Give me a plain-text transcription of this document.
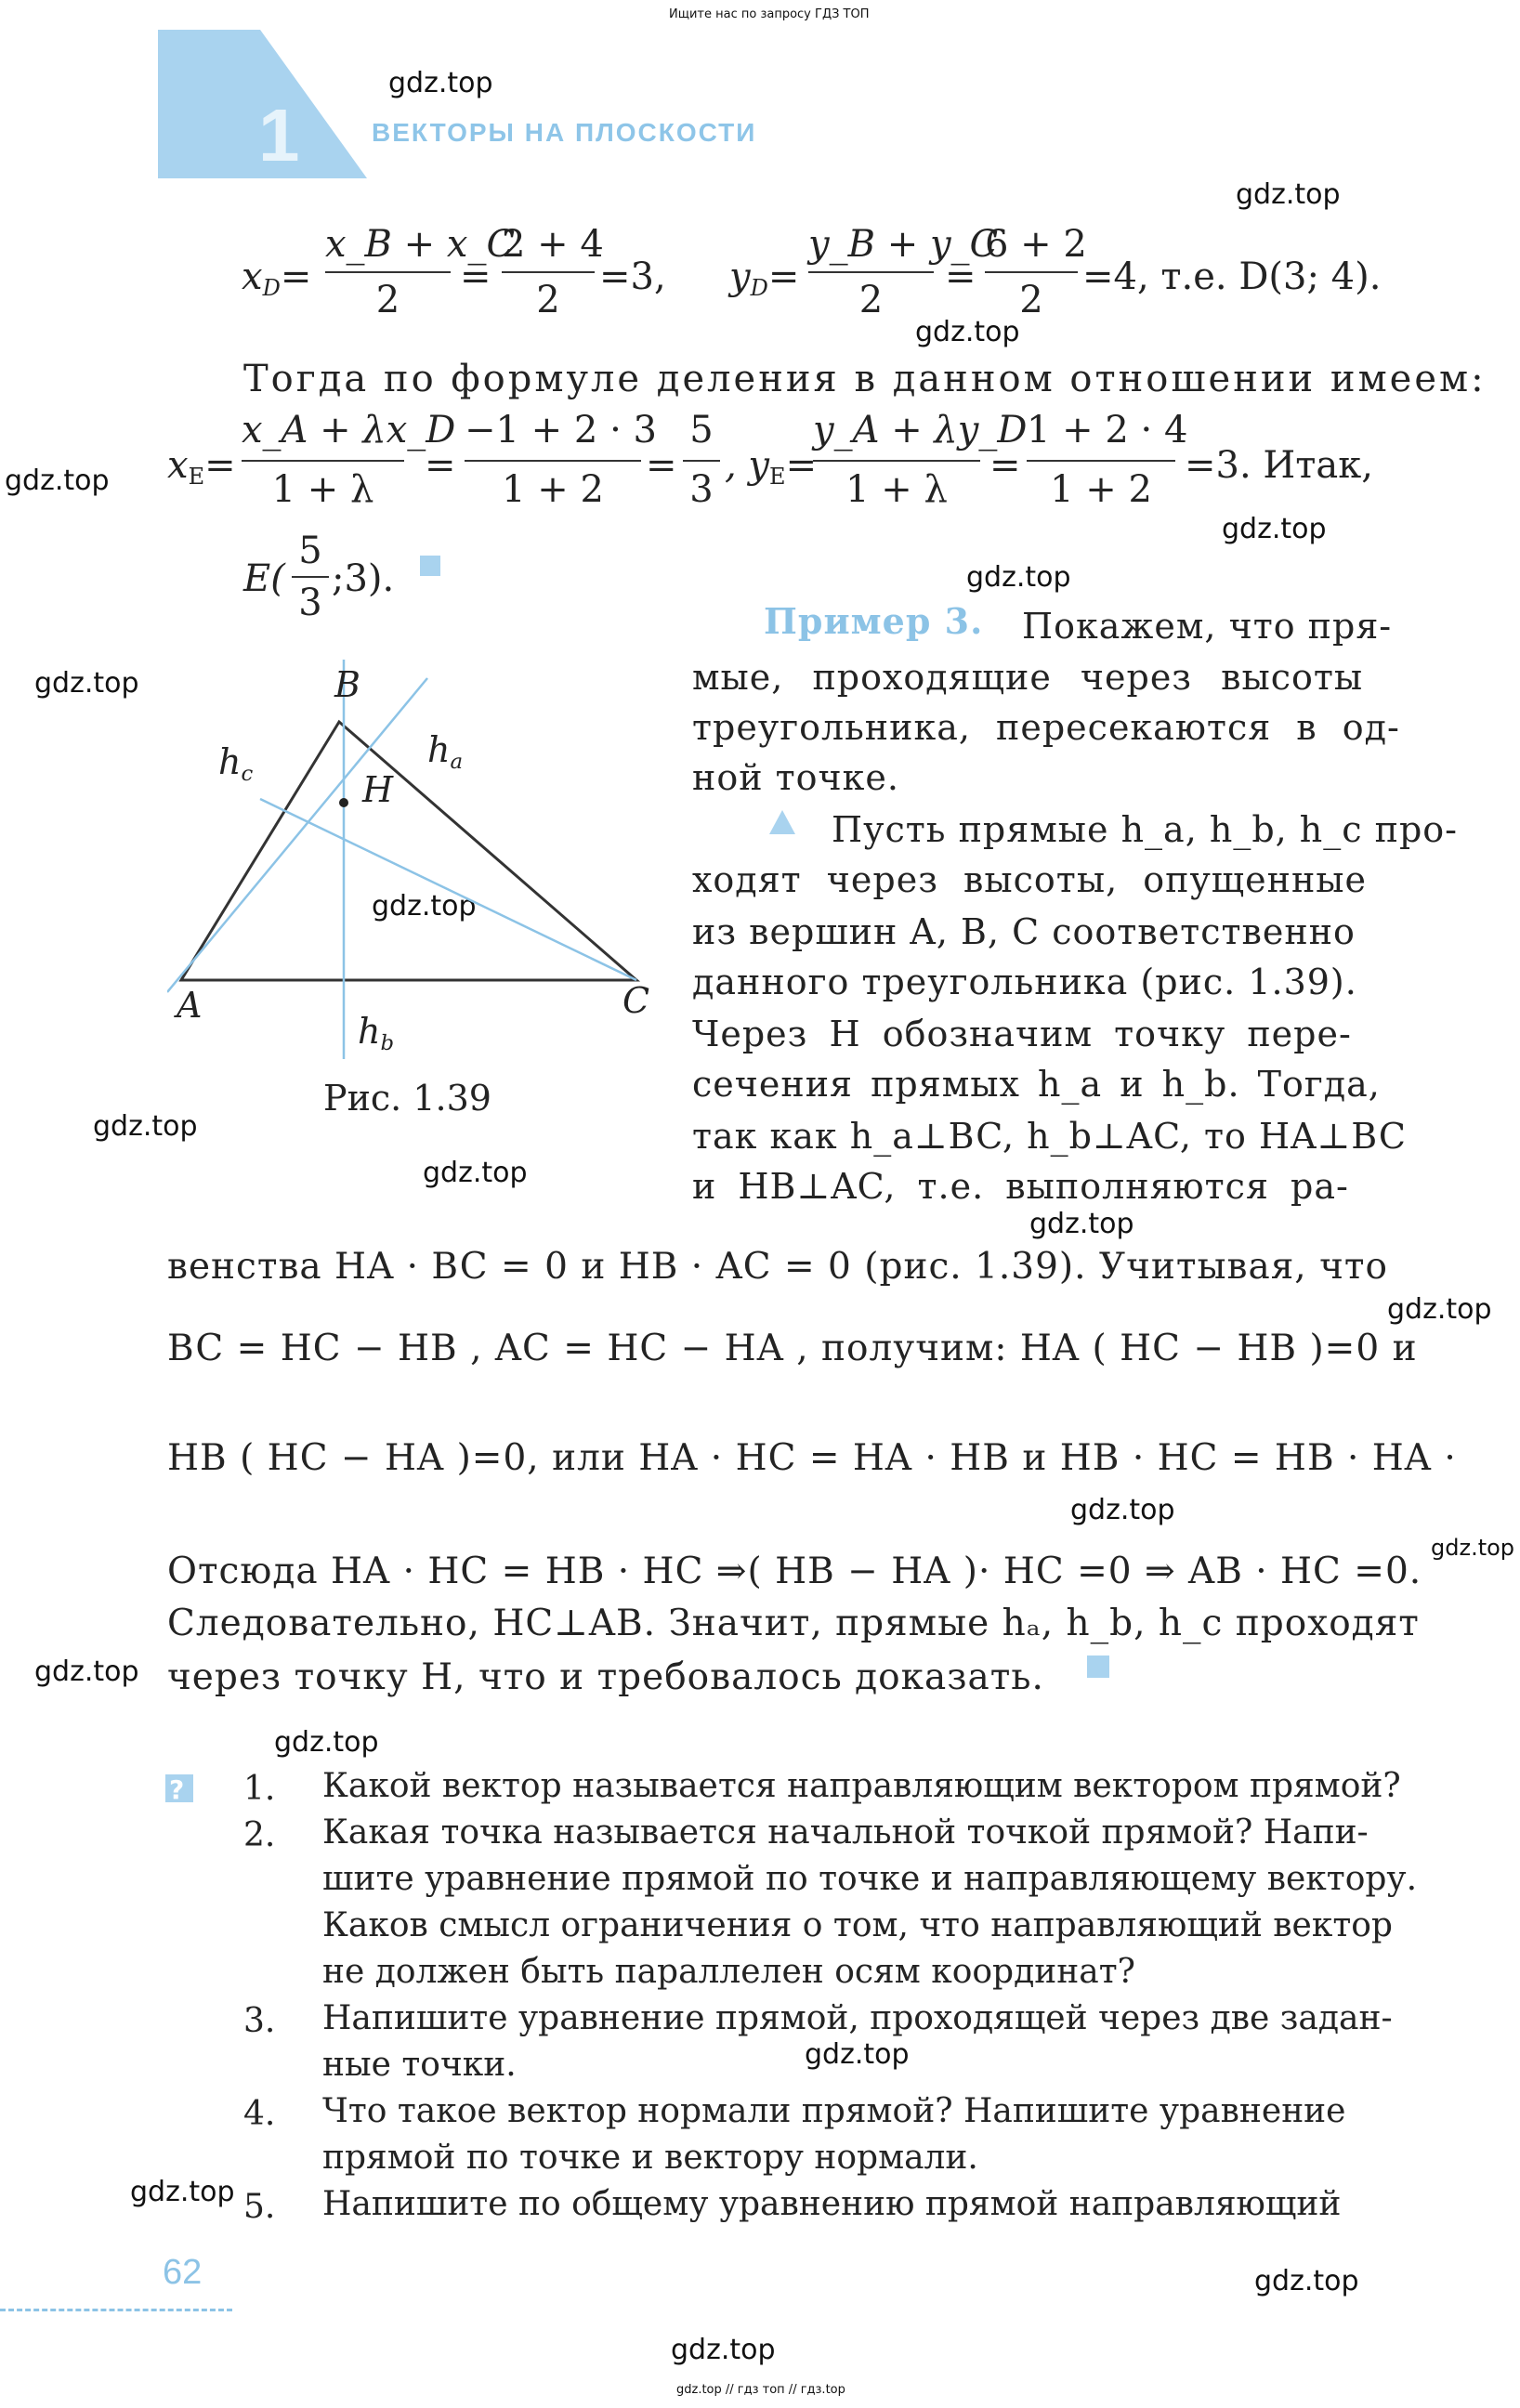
Ищите нас по запросу ГДЗ ТОП
1	ВЕКТОРЫ НА ПЛОСКОСТИ
gdz.top
gdz.top
gdz.top
gdz.top
gdz.top
gdz.top
gdz.top
gdz.top
gdz.top
gdz.top
gdz.top
gdz.top
gdz.top
gdz.top
gdz.top
gdz.top
gdz.top
gdz.top
gdz.top
gdz.top
$x_D=$
x_B + x_C
2
=
2 + 4
2
=3, $y_D=$
y_B + y_C
2
=
6 + 2
2
=4, т.е. D(3; 4).
Тогда по формуле деления в данном отношении имеем:
$x_E=$
x_A + λx_D
1 + λ
=
−1 + 2 · 3
1 + 2
=
5
3
, $y_E=$
y_A + λy_D
1 + λ
=
1 + 2 · 4
1 + 2
=3. Итак,
E(
5
3
;3).
Пример 3. Покажем, что пря-
мые, проходящие через высоты
треугольника, пересекаются в од-
ной точке.
Пусть прямые h_a, h_b, h_c про-
ходят через высоты, опущенные
из вершин A, B, C соответственно
данного треугольника (рис. 1.39).
Через H обозначим точку пере-
сечения прямых h_a и h_b. Тогда,
так как h_a⊥BC, h_b⊥AC, то HA⊥BC
и HB⊥AC, т.е. выполняются ра-
B
A	C
H
$h_a$
$h_c$
$h_b$
Рис. 1.39
венства HA · BC = 0 и HB · AC = 0 (рис. 1.39). Учитывая, что
BC = HC − HB , AC = HC − HA , получим: HA ( HC − HB )=0 и
HB ( HC − HA )=0, или HA · HC = HA · HB и HB · HC = HB · HA ·
Отсюда HA · HC = HB · HC ⇒( HB − HA )· HC =0 ⇒ AB · HC =0.
Следовательно, HC⊥AB. Значит, прямые hₐ, h_b, h_c проходят
через точку H, что и требовалось доказать.
? 1. Какой вектор называется направляющим вектором прямой?
2. Какая точка называется начальной точкой прямой? Напи-
шите уравнение прямой по точке и направляющему вектору.
Каков смысл ограничения о том, что направляющий вектор
не должен быть параллелен осям координат?
3. Напишите уравнение прямой, проходящей через две задан-
ные точки.
4. Что такое вектор нормали прямой? Напишите уравнение
прямой по точке и вектору нормали.
5. Напишите по общему уравнению прямой направляющий
62
gdz.top // гдз топ // гдз.top
